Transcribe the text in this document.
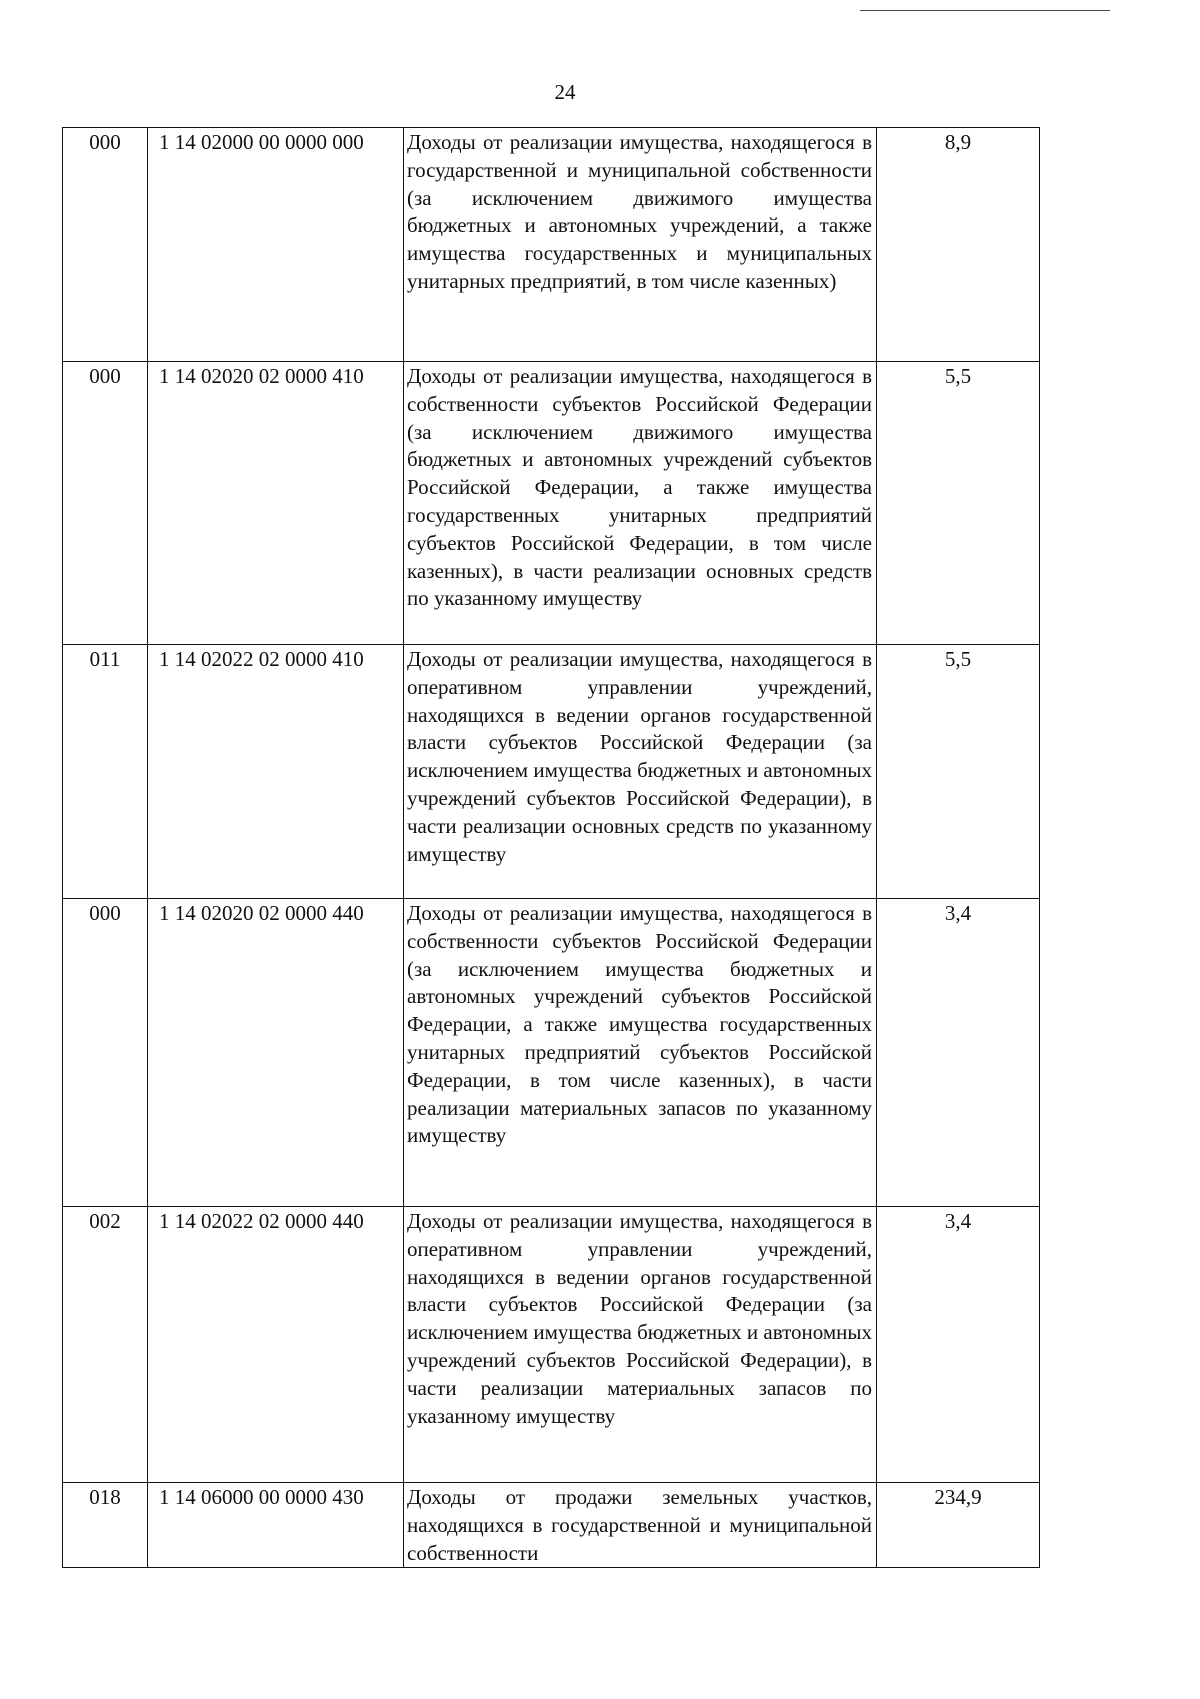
24
000	1 14 02000 00 0000 000	Доходы от реализации имущества, находящегося в государственной и муниципальной собственности (за исключением движимого имущества бюджетных и автономных учреждений, а также имущества государственных и муниципальных унитарных предприятий, в том числе казенных)	8,9
000	1 14 02020 02 0000 410	Доходы от реализации имущества, находящегося в собственности субъектов Российской Федерации (за исключением движимого имущества бюджетных и автономных учреждений субъектов Российской Федерации, а также имущества государственных унитарных предприятий субъектов Российской Федерации, в том числе казенных), в части реализации основных средств по указанному имуществу	5,5
011	1 14 02022 02 0000 410	Доходы от реализации имущества, находящегося в оперативном управлении учреждений, находящихся в ведении органов государственной власти субъектов Российской Федерации (за исключением имущества бюджетных и автономных учреждений субъектов Российской Федерации), в части реализации основных средств по указанному имуществу	5,5
000	1 14 02020 02 0000 440	Доходы от реализации имущества, находящегося в собственности субъектов Российской Федерации (за исключением имущества бюджетных и автономных учреждений субъектов Российской Федерации, а также имущества государственных унитарных предприятий субъектов Российской Федерации, в том числе казенных), в части реализации материальных запасов по указанному имуществу	3,4
002	1 14 02022 02 0000 440	Доходы от реализации имущества, находящегося в оперативном управлении учреждений, находящихся в ведении органов государственной власти субъектов Российской Федерации (за исключением имущества бюджетных и автономных учреждений субъектов Российской Федерации), в части реализации материальных запасов по указанному имуществу	3,4
018	1 14 06000 00 0000 430	Доходы от продажи земельных участков, находящихся в государственной и муниципальной собственности	234,9
